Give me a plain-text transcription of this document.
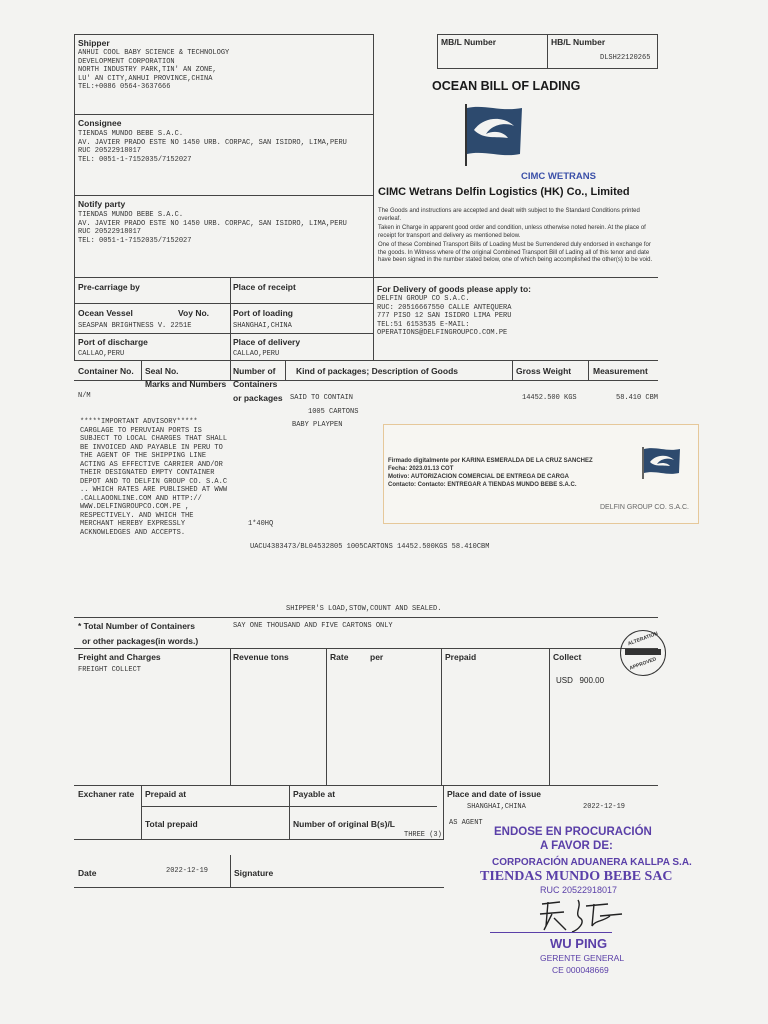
Shipper
ANHUI COOL BABY SCIENCE & TECHNOLOGY
DEVELOPMENT CORPORATION
NORTH INDUSTRY PARK,TIN' AN ZONE,
LU' AN CITY,ANHUI PROVINCE,CHINA
TEL:+0086 0564-3637666
Consignee
TIENDAS MUNDO BEBE S.A.C.
AV. JAVIER PRADO ESTE NO 1450 URB. CORPAC, SAN ISIDRO, LIMA,PERU
RUC 20522918017
TEL: 0051-1-7152035/7152027
Notify party
TIENDAS MUNDO BEBE S.A.C.
AV. JAVIER PRADO ESTE NO 1450 URB. CORPAC, SAN ISIDRO, LIMA,PERU
RUC 20522918017
TEL: 0051-1-7152035/7152027
MB/L Number	HB/L Number
DLSH22120265
OCEAN BILL OF LADING
CIMC WETRANS
CIMC Wetrans Delfin Logistics (HK) Co., Limited
The Goods and instructions are accepted and dealt with subject to the Standard Conditions printed overleaf.
Taken in Charge in apparent good order and condition, unless otherwise noted herein. At the place of receipt for transport and delivery as mentioned below.
One of these Combined Transport Bills of Loading Must be Surrendered duly endorsed in exchange for the goods. In Witness where of the original Combined Transport Bill of Lading all of this tenor and date have been signed in the number stated below, one of which being accomplished the other(s) to be void.
Pre-carriage by	Place of receipt	For Delivery of goods please apply to:
DELFIN GROUP CO S.A.C.
RUC: 20516667550 CALLE ANTEQUERA
777 PISO 12 SAN ISIDRO LIMA PERU
TEL:51 6153535 E-MAIL:
OPERATIONS@DELFINGROUPCO.COM.PE
Ocean Vessel	Voy No.
SEASPAN BRIGHTNESS V. 2251E
Port of loading
SHANGHAI,CHINA
Port of discharge
CALLAO,PERU
Place of delivery
CALLAO,PERU
Container No. Seal No.
Marks and Numbers
Number of
Containers
or packages
Kind of packages; Description of Goods	Gross Weight	Measurement
N/M	SAID TO CONTAIN
1005 CARTONS
BABY PLAYPEN
14452.500 KGS	58.410 CBM
*****IMPORTANT ADVISORY*****
CARGLAGE TO PERUVIAN PORTS IS
SUBJECT TO LOCAL CHARGES THAT SHALL
BE INVOICED AND PAYABLE IN PERU TO
THE AGENT OF THE SHIPPING LINE
ACTING AS EFFECTIVE CARRIER AND/OR
THEIR DESIGNATED EMPTY CONTAINER
DEPOT AND TO DELFIN GROUP CO. S.A.C
.. WHICH RATES ARE PUBLISHED AT WWW
.CALLAOONLINE.COM AND HTTP://
WWW.DELFINGROUPCO.COM.PE ,
RESPECTIVELY. AND WHICH THE
MERCHANT HEREBY EXPRESSLY
ACKNOWLEDGES AND ACCEPTS.
1*40HQ
UACU4383473/BL04532805 1005CARTONS 14452.500KGS 58.410CBM
SHIPPER'S LOAD,STOW,COUNT AND SEALED.
Firmado digitalmente por KARINA ESMERALDA DE LA CRUZ SANCHEZ
Fecha: 2023.01.13 COT
Motivo: AUTORIZACION COMERCIAL DE ENTREGA DE CARGA
Contacto: Contacto: ENTREGAR A TIENDAS MUNDO BEBE S.A.C.
DELFIN GROUP CO. S.A.C.
* Total Number of Containers
or other packages(in words.)
SAY ONE THOUSAND AND FIVE CARTONS ONLY
Freight and Charges
FREIGHT COLLECT
Revenue tons	Rate	per	Prepaid	Collect
USD   900.00
ALTERATION
APPROVED
Exchaner rate Prepaid at	Payable at	Place and date of issue
SHANGHAI,CHINA	2022-12-19
Total prepaid	Number of original B(s)/L
THREE (3)
AS AGENT
Date	2022-12-19	Signature
ENDOSE EN PROCURACIÓN
A FAVOR DE:
CORPORACIÓN ADUANERA KALLPA S.A.
TIENDAS MUNDO BEBE SAC
RUC 20522918017
WU PING
GERENTE GENERAL
CE 000048669
